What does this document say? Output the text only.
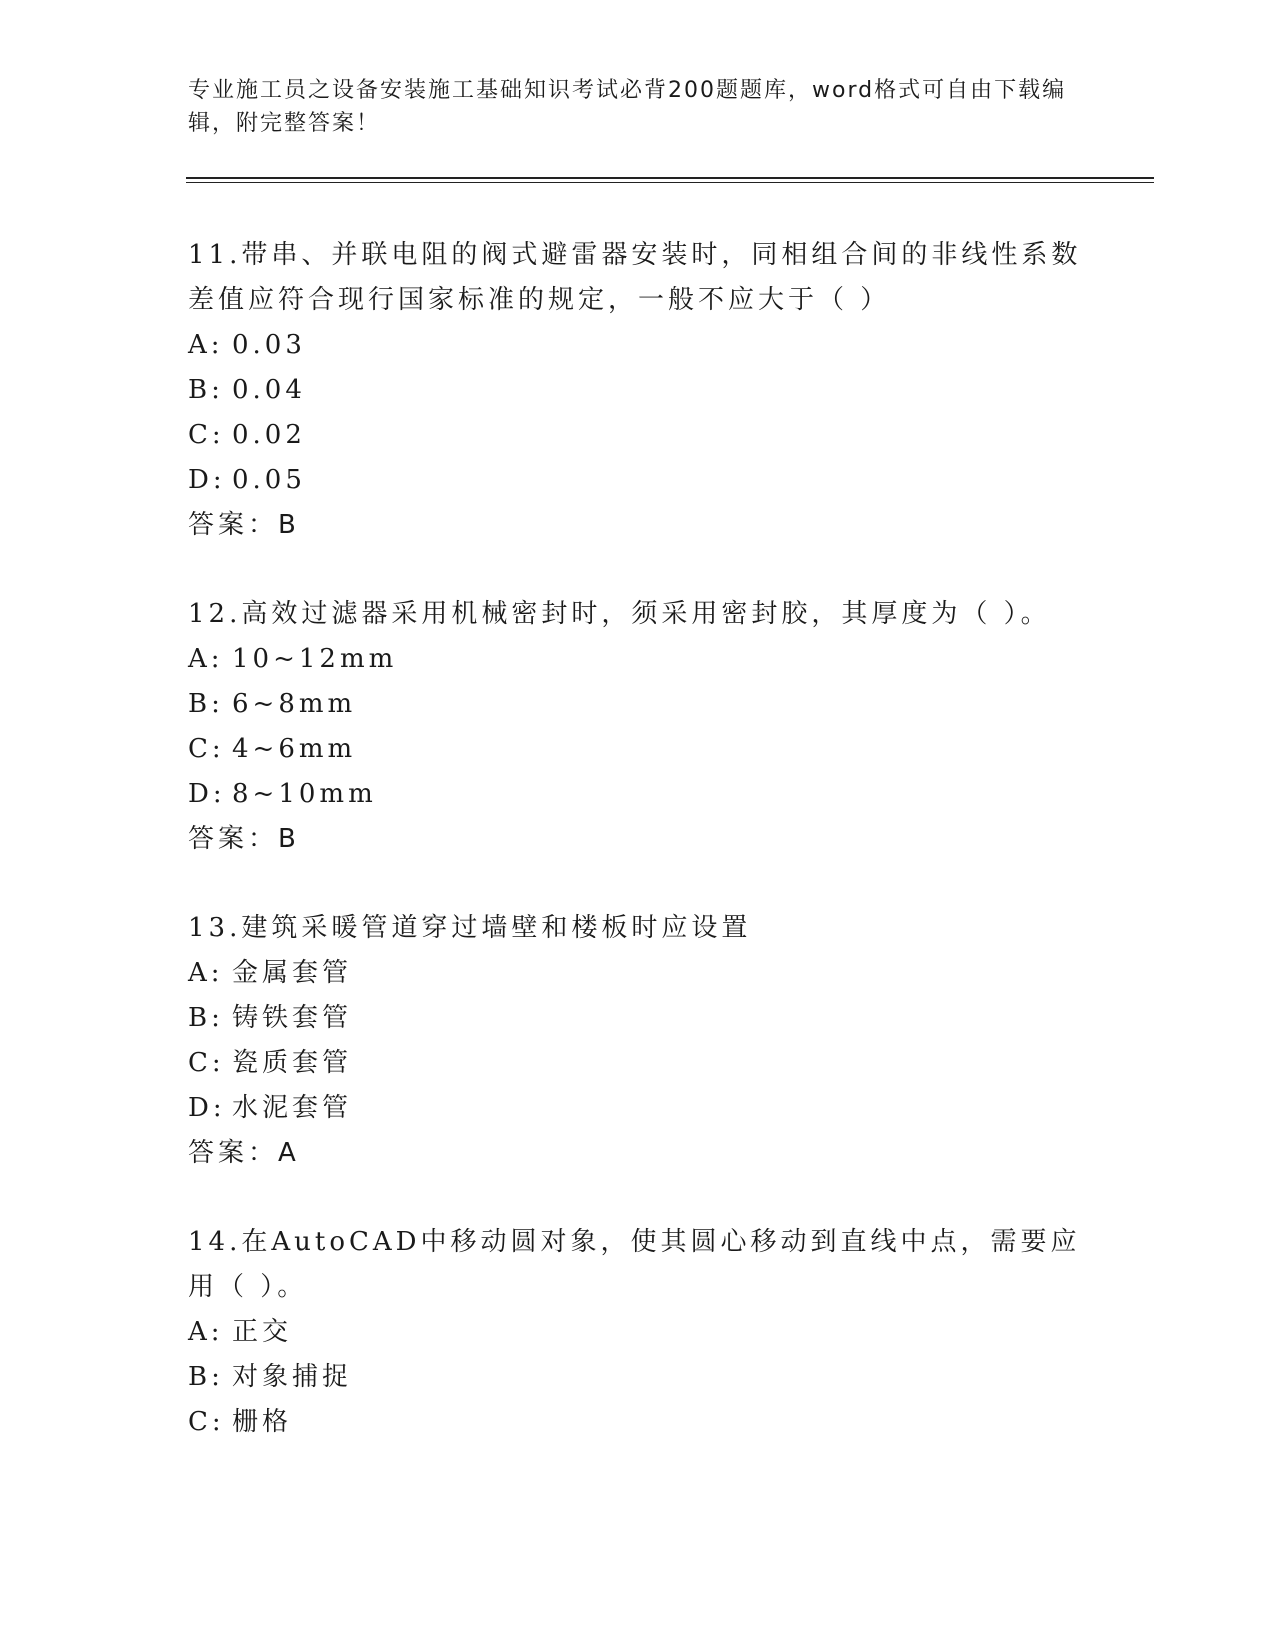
专业施工员之设备安装施工基础知识考试必背200题题库，word格式可自由下载编辑，附完整答案！

11.带串、并联电阻的阀式避雷器安装时，同相组合间的非线性系数差值应符合现行国家标准的规定，一般不应大于（ ）

A: 0.03

B: 0.04

C: 0.02

D: 0.05

答案：B

12.高效过滤器采用机械密封时，须采用密封胶，其厚度为（ ）。

A: 10~12mm

B: 6~8mm

C: 4~6mm

D: 8~10mm

答案：B

13.建筑采暖管道穿过墙壁和楼板时应设置

A: 金属套管

B: 铸铁套管

C: 瓷质套管

D: 水泥套管

答案：A

14.在AutoCAD中移动圆对象，使其圆心移动到直线中点，需要应用（ ）。

A: 正交

B: 对象捕捉

C: 栅格
